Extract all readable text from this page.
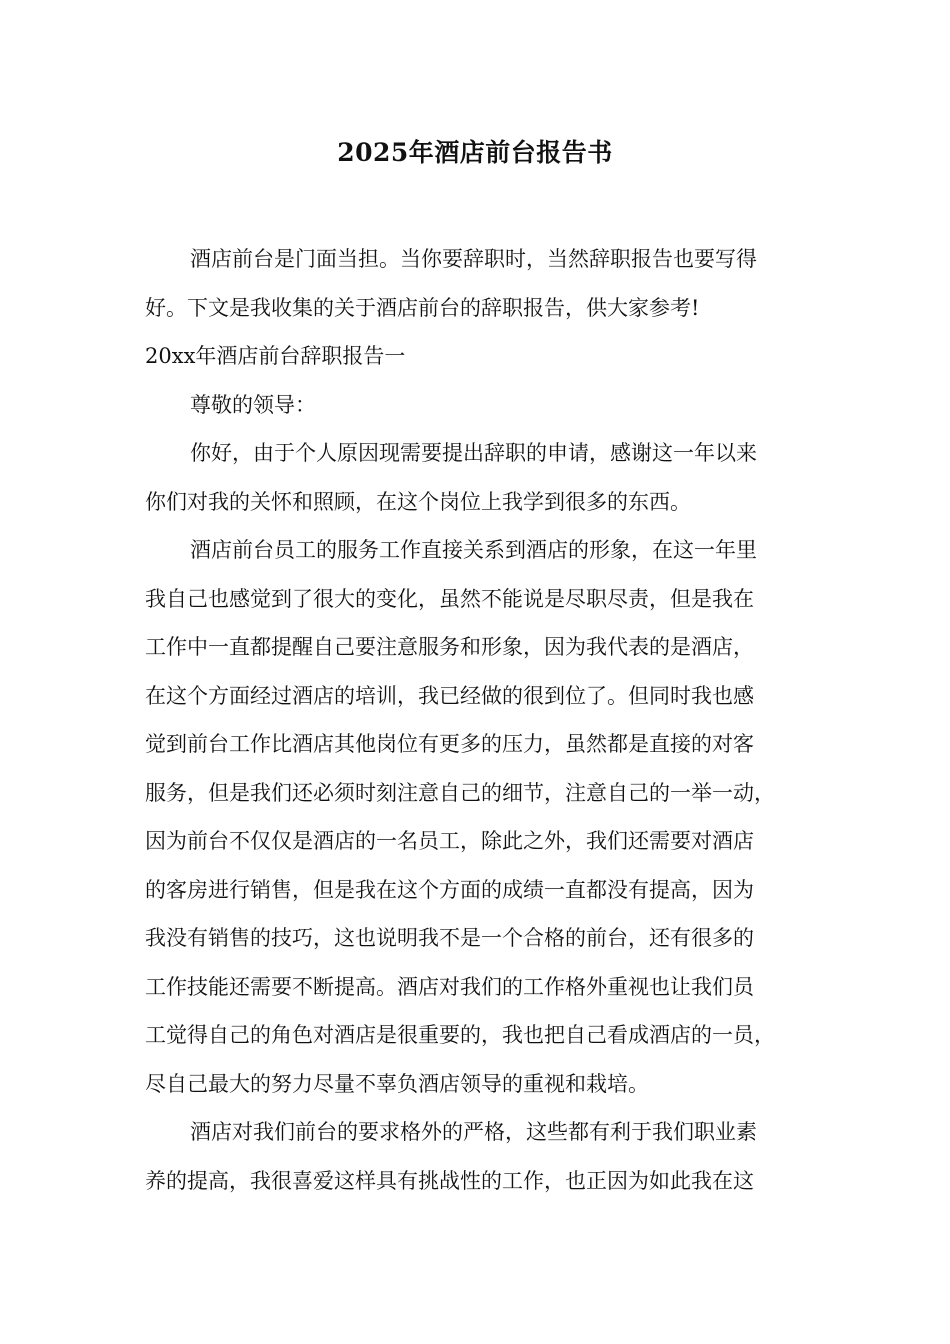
2025年酒店前台报告书
酒店前台是门面当担。当你要辞职时，当然辞职报告也要写得
好。下文是我收集的关于酒店前台的辞职报告，供大家参考!
20xx年酒店前台辞职报告一
尊敬的领导：
你好，由于个人原因现需要提出辞职的申请，感谢这一年以来
你们对我的关怀和照顾，在这个岗位上我学到很多的东西。
酒店前台员工的服务工作直接关系到酒店的形象，在这一年里
我自己也感觉到了很大的变化，虽然不能说是尽职尽责，但是我在
工作中一直都提醒自己要注意服务和形象，因为我代表的是酒店，
在这个方面经过酒店的培训，我已经做的很到位了。但同时我也感
觉到前台工作比酒店其他岗位有更多的压力，虽然都是直接的对客
服务，但是我们还必须时刻注意自己的细节，注意自己的一举一动，
因为前台不仅仅是酒店的一名员工，除此之外，我们还需要对酒店
的客房进行销售，但是我在这个方面的成绩一直都没有提高，因为
我没有销售的技巧，这也说明我不是一个合格的前台，还有很多的
工作技能还需要不断提高。酒店对我们的工作格外重视也让我们员
工觉得自己的角色对酒店是很重要的，我也把自己看成酒店的一员，
尽自己最大的努力尽量不辜负酒店领导的重视和栽培。
酒店对我们前台的要求格外的严格，这些都有利于我们职业素
养的提高，我很喜爱这样具有挑战性的工作，也正因为如此我在这
